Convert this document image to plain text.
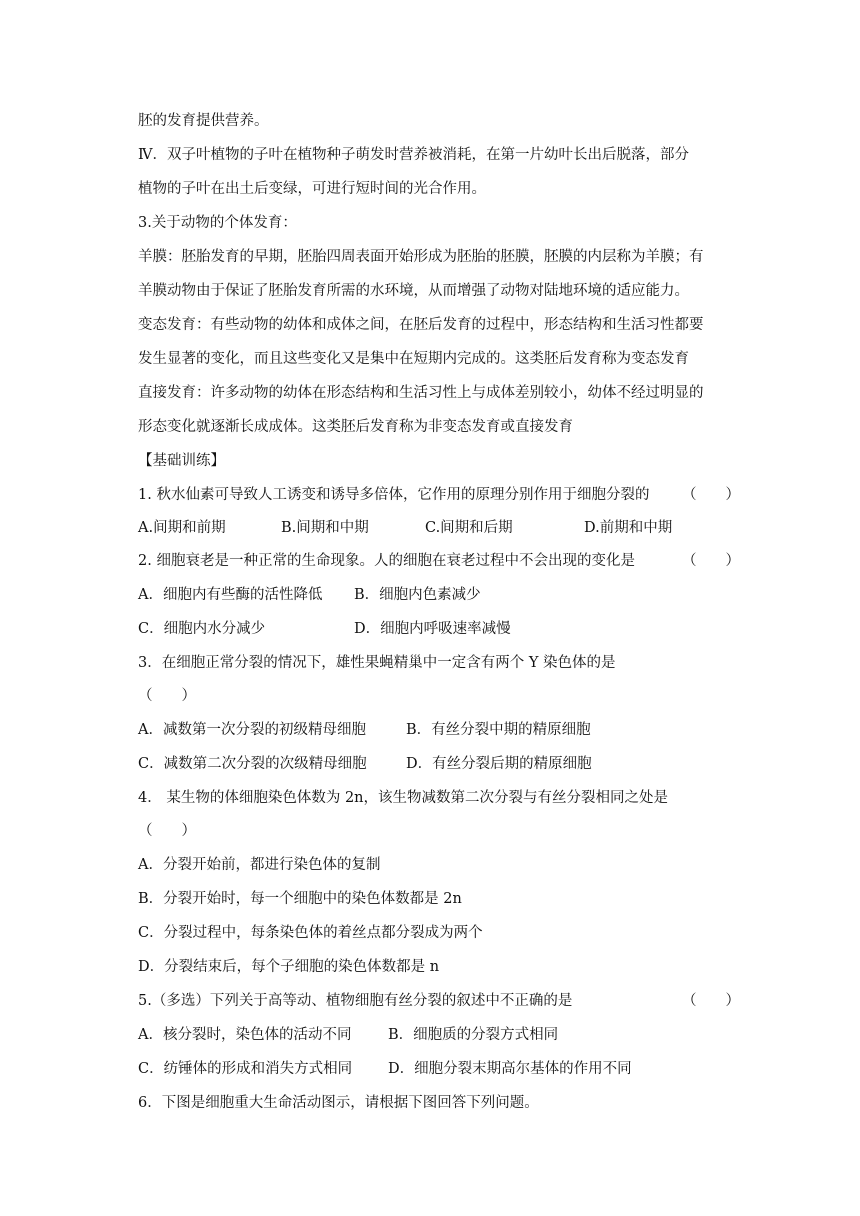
胚的发育提供营养。
Ⅳ．双子叶植物的子叶在植物种子萌发时营养被消耗，在第一片幼叶长出后脱落，部分
植物的子叶在出土后变绿，可进行短时间的光合作用。
3.关于动物的个体发育：
羊膜：胚胎发育的早期，胚胎四周表面开始形成为胚胎的胚膜，胚膜的内层称为羊膜；有
羊膜动物由于保证了胚胎发育所需的水环境，从而增强了动物对陆地环境的适应能力。
变态发育：有些动物的幼体和成体之间，在胚后发育的过程中，形态结构和生活习性都要
发生显著的变化，而且这些变化又是集中在短期内完成的。这类胚后发育称为变态发育
直接发育：许多动物的幼体在形态结构和生活习性上与成体差别较小，幼体不经过明显的
形态变化就逐渐长成成体。这类胚后发育称为非变态发育或直接发育
【基础训练】
1. 秋水仙素可导致人工诱变和诱导多倍体，它作用的原理分别作用于细胞分裂的 （　　）
A.间期和前期	B.间期和中期	C.间期和后期	D.前期和中期
2. 细胞衰老是一种正常的生命现象。人的细胞在衰老过程中不会出现的变化是	（　　）
A．细胞内有些酶的活性降低 B．细胞内色素减少
C．细胞内水分减少	D．细胞内呼吸速率减慢
3．在细胞正常分裂的情况下，雄性果蝇精巢中一定含有两个 Y 染色体的是
（　　）
A．减数第一次分裂的初级精母细胞	B．有丝分裂中期的精原细胞
C．减数第二次分裂的次级精母细胞	D．有丝分裂后期的精原细胞
4． 某生物的体细胞染色体数为 2n，该生物减数第二次分裂与有丝分裂相同之处是
（　　）
A．分裂开始前，都进行染色体的复制
B．分裂开始时，每一个细胞中的染色体数都是 2n
C．分裂过程中，每条染色体的着丝点都分裂成为两个
D．分裂结束后，每个子细胞的染色体数都是 n
5.（多选）下列关于高等动、植物细胞有丝分裂的叙述中不正确的是	（　　）
A．核分裂时，染色体的活动不同	B．细胞质的分裂方式相同
C．纺锤体的形成和消失方式相同 D．细胞分裂末期高尔基体的作用不同
6．下图是细胞重大生命活动图示，请根据下图回答下列问题。
